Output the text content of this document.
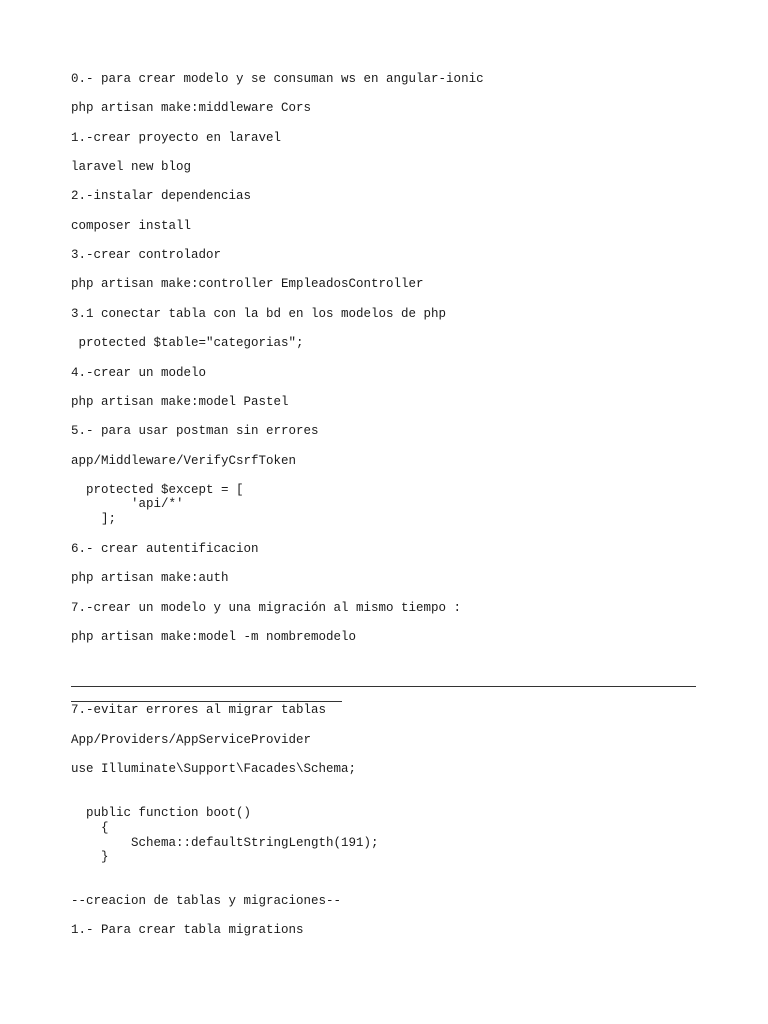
0.- para crear modelo y se consuman ws en angular-ionic
php artisan make:middleware Cors
1.-crear proyecto en laravel
laravel new blog
2.-instalar dependencias
composer install
3.-crear controlador
php artisan make:controller EmpleadosController
3.1 conectar tabla con la bd en los modelos de php
protected $table="categorias";
4.-crear un modelo
php artisan make:model Pastel
5.- para usar postman sin errores
app/Middleware/VerifyCsrfToken
protected $except = [
'api/*'
];
6.- crear autentificacion
php artisan make:auth
7.-crear un modelo y una migración al mismo tiempo :
php artisan make:model -m nombremodelo
7.-evitar errores al migrar tablas
App/Providers/AppServiceProvider
use Illuminate\Support\Facades\Schema;
public function boot()
{
Schema::defaultStringLength(191);
}
--creacion de tablas y migraciones--
1.- Para crear tabla migrations
